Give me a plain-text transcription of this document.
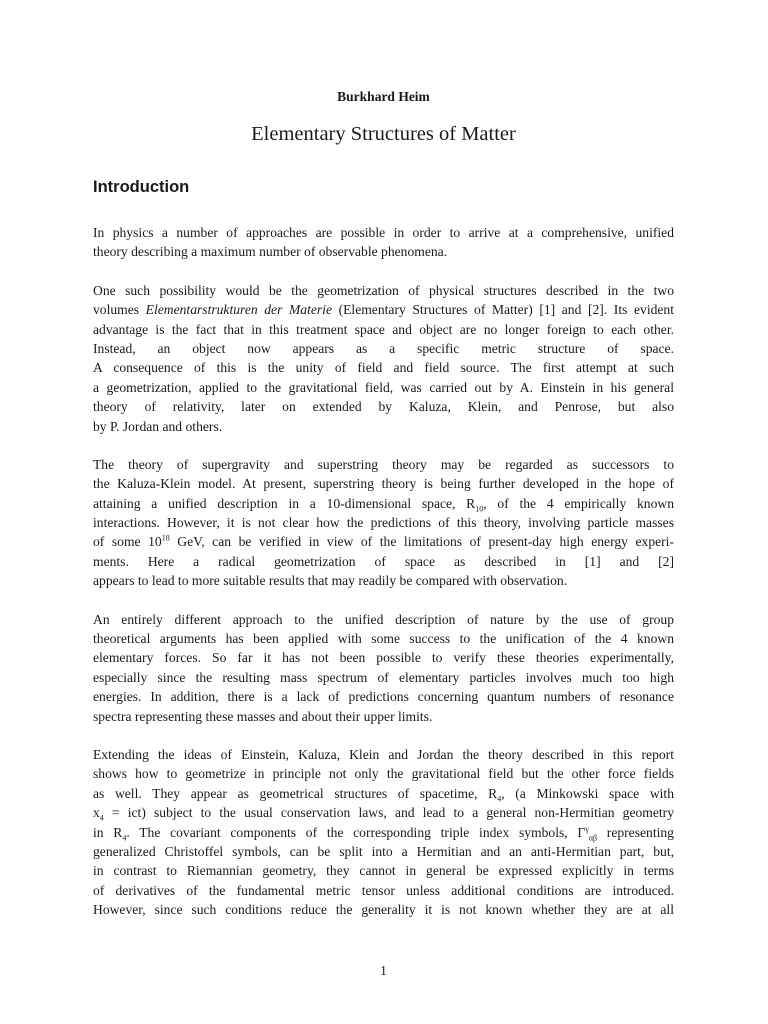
Burkhard Heim
Elementary Structures of Matter
Introduction
In physics a number of approaches are possible in order to arrive at a comprehensive, unified
theory describing a maximum number of observable phenomena.
One such possibility would be the geometrization of physical structures described in the two
volumes Elementarstrukturen der Materie (Elementary Structures of Matter) [1] and [2]. Its evident
advantage is the fact that in this treatment space and object are no longer foreign to each other.
Instead, an object now appears as a specific metric structure of space.
A consequence of this is the unity of field and field source. The first attempt at such
a geometrization, applied to the gravitational field, was carried out by A. Einstein in his general
theory of relativity, later on extended by Kaluza, Klein, and Penrose, but also
by P. Jordan and others.
The theory of supergravity and superstring theory may be regarded as successors to
the Kaluza-Klein model. At present, superstring theory is being further developed in the hope of
attaining a unified description in a 10-dimensional space, $R_{10}$, of the 4 empirically known
interactions. However, it is not clear how the predictions of this theory, involving particle masses
of some $10^{18}$ GeV, can be verified in view of the limitations of present-day high energy experi-
ments. Here a radical geometrization of space as described in [1] and [2]
appears to lead to more suitable results that may readily be compared with observation.
An entirely different approach to the unified description of nature by the use of group
theoretical arguments has been applied with some success to the unification of the 4 known
elementary forces. So far it has not been possible to verify these theories experimentally,
especially since the resulting mass spectrum of elementary particles involves much too high
energies. In addition, there is a lack of predictions concerning quantum numbers of resonance
spectra representing these masses and about their upper limits.
Extending the ideas of Einstein, Kaluza, Klein and Jordan the theory described in this report
shows how to geometrize in principle not only the gravitational field but the other force fields
as well. They appear as geometrical structures of spacetime, $R_4$, (a Minkowski space with
$x_4 = ict$) subject to the usual conservation laws, and lead to a general non-Hermitian geometry
in $R_4$. The covariant components of the corresponding triple index symbols, $\Gamma^\gamma_{\alpha\beta}$ representing
generalized Christoffel symbols, can be split into a Hermitian and an anti-Hermitian part, but,
in contrast to Riemannian geometry, they cannot in general be expressed explicitly in terms
of derivatives of the fundamental metric tensor unless additional conditions are introduced.
However, since such conditions reduce the generality it is not known whether they are at all
1
